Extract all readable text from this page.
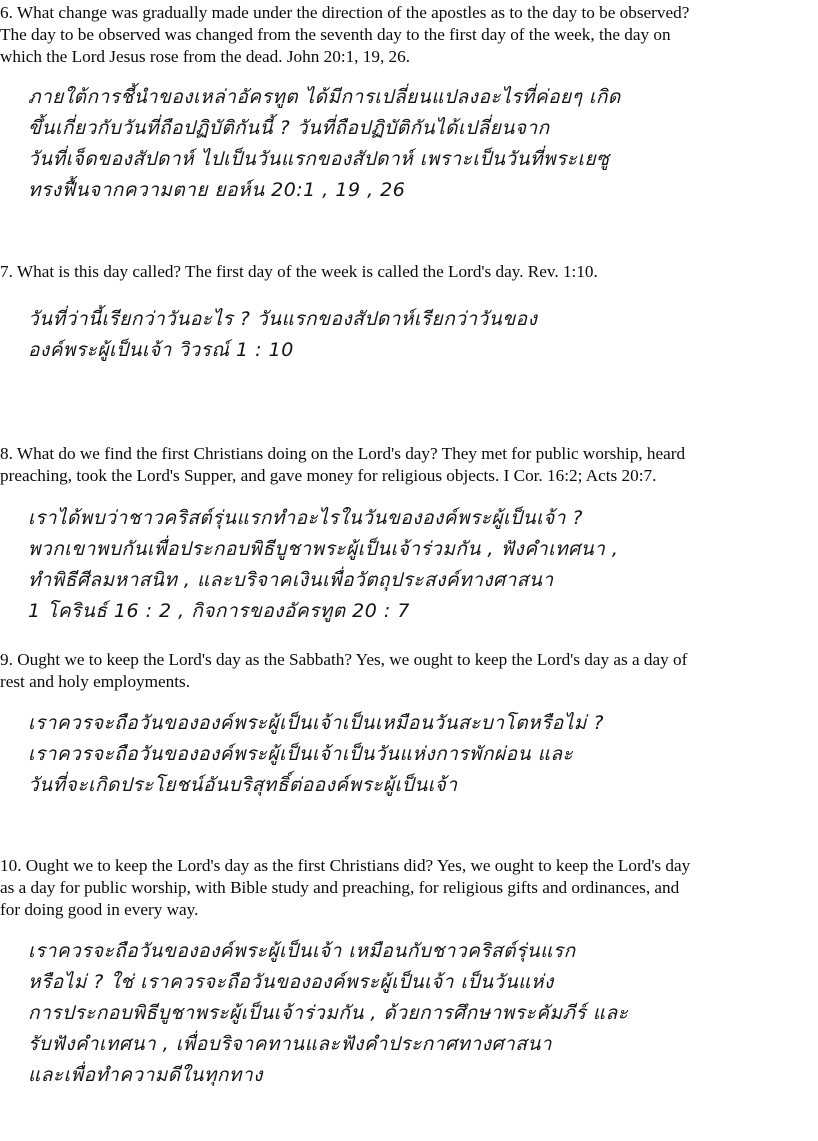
6. What change was gradually made under the direction of the apostles as to the day to be observed?
The day to be observed was changed from the seventh day to the first day of the week, the day on
which the Lord Jesus rose from the dead. John 20:1, 19, 26.
ภายใต้การชี้นำของเหล่าอัครทูต ได้มีการเปลี่ยนแปลงอะไรที่ค่อยๆ เกิด
ขึ้นเกี่ยวกับวันที่ถือปฏิบัติกันนี้ ? วันที่ถือปฏิบัติกันได้เปลี่ยนจาก
วันที่เจ็ดของสัปดาห์ ไปเป็นวันแรกของสัปดาห์ เพราะเป็นวันที่พระเยซู
ทรงฟื้นจากความตาย ยอห์น 20:1 , 19 , 26
7. What is this day called? The first day of the week is called the Lord's day. Rev. 1:10.
วันที่ว่านี้เรียกว่าวันอะไร ? วันแรกของสัปดาห์เรียกว่าวันของ
องค์พระผู้เป็นเจ้า วิวรณ์ 1 : 10
8. What do we find the first Christians doing on the Lord's day? They met for public worship, heard
preaching, took the Lord's Supper, and gave money for religious objects. I Cor. 16:2; Acts 20:7.
เราได้พบว่าชาวคริสต์รุ่นแรกทำอะไรในวันขององค์พระผู้เป็นเจ้า ?
พวกเขาพบกันเพื่อประกอบพิธีบูชาพระผู้เป็นเจ้าร่วมกัน , ฟังคำเทศนา ,
ทำพิธีศีลมหาสนิท , และบริจาคเงินเพื่อวัตถุประสงค์ทางศาสนา
1 โครินธ์ 16 : 2 , กิจการของอัครทูต 20 : 7
9. Ought we to keep the Lord's day as the Sabbath? Yes, we ought to keep the Lord's day as a day of
rest and holy employments.
เราควรจะถือวันขององค์พระผู้เป็นเจ้าเป็นเหมือนวันสะบาโตหรือไม่ ?
เราควรจะถือวันขององค์พระผู้เป็นเจ้าเป็นวันแห่งการพักผ่อน และ
วันที่จะเกิดประโยชน์อันบริสุทธิ์ต่อองค์พระผู้เป็นเจ้า
10. Ought we to keep the Lord's day as the first Christians did? Yes, we ought to keep the Lord's day
as a day for public worship, with Bible study and preaching, for religious gifts and ordinances, and
for doing good in every way.
เราควรจะถือวันขององค์พระผู้เป็นเจ้า เหมือนกับชาวคริสต์รุ่นแรก
หรือไม่ ? ใช่ เราควรจะถือวันขององค์พระผู้เป็นเจ้า เป็นวันแห่ง
การประกอบพิธีบูชาพระผู้เป็นเจ้าร่วมกัน , ด้วยการศึกษาพระคัมภีร์ และ
รับฟังคำเทศนา , เพื่อบริจาคทานและฟังคำประกาศทางศาสนา
และเพื่อทำความดีในทุกทาง
